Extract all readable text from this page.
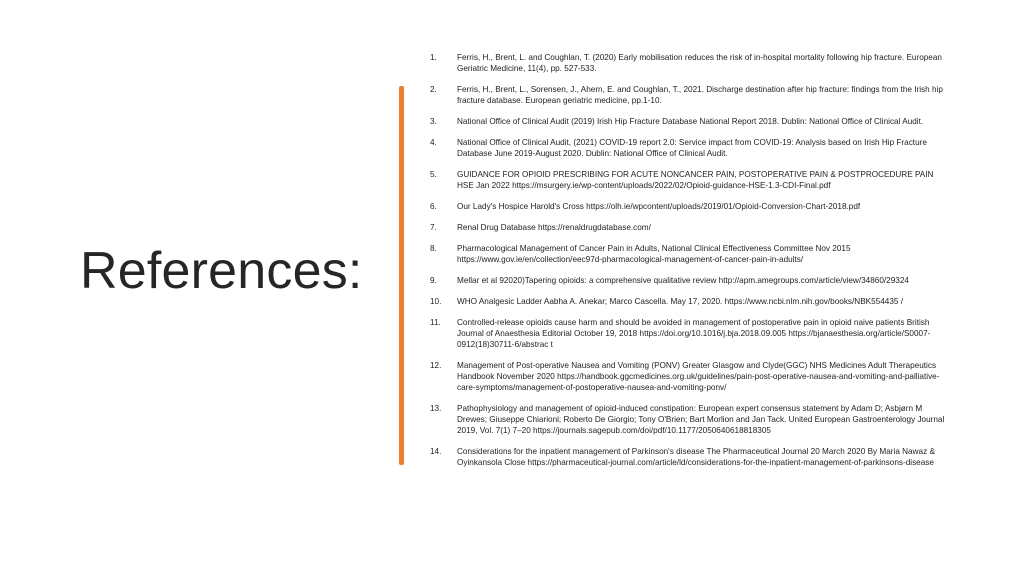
References:
1.	Ferris, H., Brent, L. and Coughlan, T. (2020) Early mobilisation reduces the risk of in-hospital mortality following hip fracture. European Geriatric Medicine, 11(4), pp. 527-533.
2.	Ferris, H., Brent, L., Sorensen, J., Ahern, E. and Coughlan, T., 2021. Discharge destination after hip fracture: findings from the Irish hip fracture database. European geriatric medicine, pp.1-10.
3.	National Office of Clinical Audit (2019) Irish Hip Fracture Database National Report 2018. Dublin: National Office of Clinical Audit.
4.	National Office of Clinical Audit, (2021) COVID-19 report 2.0: Service impact from COVID-19: Analysis based on Irish Hip Fracture Database June 2019-August 2020. Dublin: National Office of Clinical Audit.
5.	GUIDANCE FOR OPIOID PRESCRIBING FOR ACUTE NONCANCER PAIN, POSTOPERATIVE PAIN & POSTPROCEDURE PAIN HSE Jan 2022 https://msurgery.ie/wp-content/uploads/2022/02/Opioid-guidance-HSE-1.3-CDI-Final.pdf
6.	Our Lady's Hospice Harold's Cross https://olh.ie/wpcontent/uploads/2019/01/Opioid-Conversion-Chart-2018.pdf
7.	Renal Drug Database https://renaldrugdatabase.com/
8.	Pharmacological Management of Cancer Pain in Adults, National Clinical Effectiveness Committee Nov 2015 https://www.gov.ie/en/collection/eec97d-pharmacological-management-of-cancer-pain-in-adults/
9.	Mellar et al 92020)Tapering opioids: a comprehensive qualitative review http://apm.amegroups.com/article/view/34860/29324
10.	WHO Analgesic Ladder Aabha A. Anekar; Marco Cascella. May 17, 2020. https://www.ncbi.nlm.nih.gov/books/NBK554435 /
11.	Controlled-release opioids cause harm and should be avoided in management of postoperative pain in opioid naive patients British Journal of Anaesthesia Editorial October 19, 2018 https://doi.org/10.1016/j.bja.2018.09.005 https://bjanaesthesia.org/article/S0007-0912(18)30711-6/abstrac t
12.	Management of Post-operative Nausea and Vomiting (PONV) Greater Glasgow and Clyde(GGC) NHS Medicines Adult Therapeutics Handbook November 2020 https://handbook.ggcmedicines.org.uk/guidelines/pain-post-operative-nausea-and-vomiting-and-palliative-care-symptoms/management-of-postoperative-nausea-and-vomiting-ponv/
13.	Pathophysiology and management of opioid-induced constipation: European expert consensus statement by Adam D; Asbjørn M Drewes; Giuseppe Chiarioni; Roberto De Giorgio; Tony O'Brien; Bart Morlion and Jan Tack. United European Gastroenterology Journal 2019, Vol. 7(1) 7–20 https://journals.sagepub.com/doi/pdf/10.1177/2050640618818305
14.	Considerations for the inpatient management of Parkinson's disease The Pharmaceutical Journal 20 March 2020 By Maria Nawaz & Oyinkansola Close https://pharmaceutical-journal.com/article/ld/considerations-for-the-inpatient-management-of-parkinsons-disease
